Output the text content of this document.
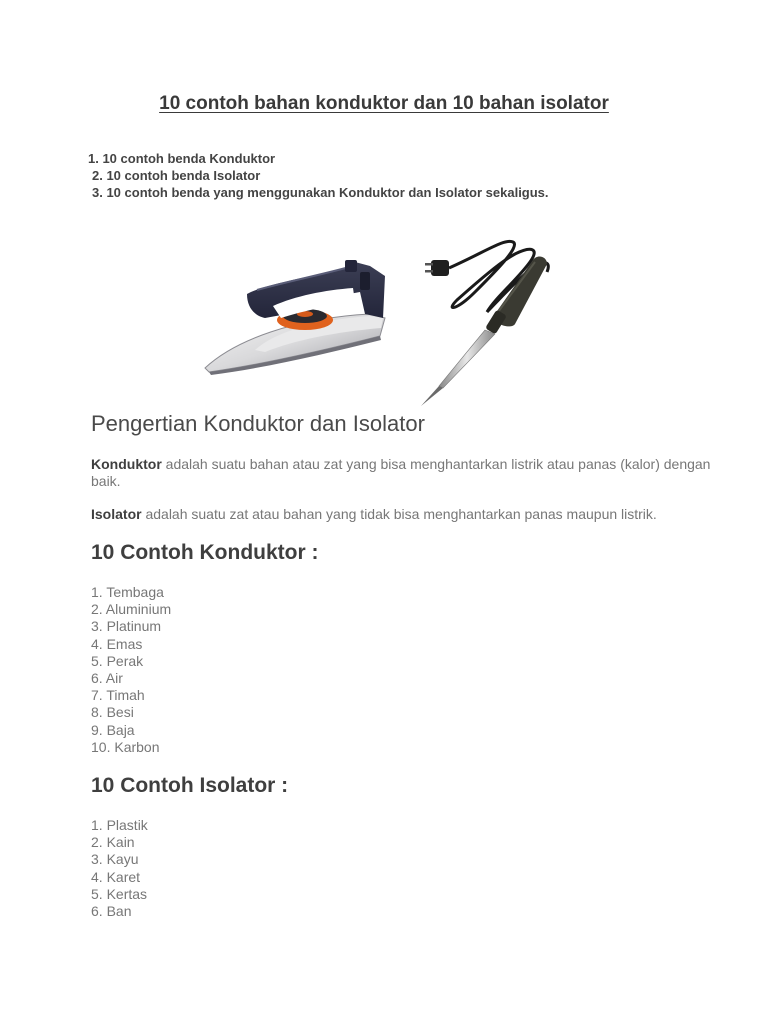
10 contoh bahan konduktor dan 10 bahan isolator
1. 10 contoh benda Konduktor
2. 10 contoh benda Isolator
3. 10 contoh benda yang menggunakan Konduktor dan Isolator sekaligus.
Pengertian Konduktor dan Isolator

Konduktor adalah suatu bahan atau zat yang bisa menghantarkan listrik atau panas (kalor) dengan baik.

Isolator adalah suatu zat atau bahan yang tidak bisa menghantarkan panas maupun listrik.

10 Contoh Konduktor :
1. Tembaga
2. Aluminium
3. Platinum
4. Emas
5. Perak
6. Air
7. Timah
8. Besi
9. Baja
10. Karbon
10 Contoh Isolator :
1. Plastik
2. Kain
3. Kayu
4. Karet
5. Kertas
6. Ban
